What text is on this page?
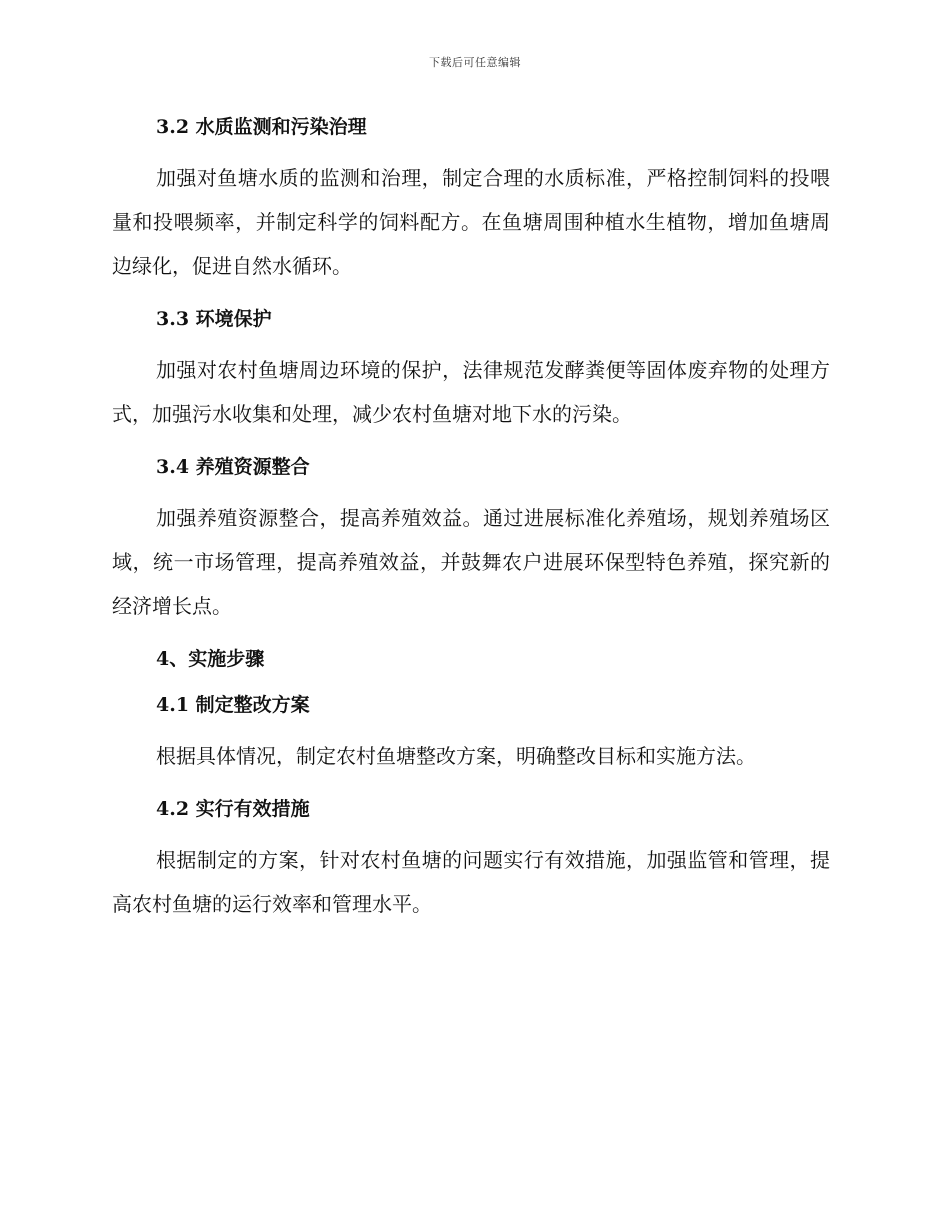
下载后可任意编辑
3.2 水质监测和污染治理

加强对鱼塘水质的监测和治理，制定合理的水质标准，严格控制饲料的投喂量和投喂频率，并制定科学的饲料配方。在鱼塘周围种植水生植物，增加鱼塘周边绿化，促进自然水循环。

3.3 环境保护

加强对农村鱼塘周边环境的保护，法律规范发酵粪便等固体废弃物的处理方式，加强污水收集和处理，减少农村鱼塘对地下水的污染。

3.4 养殖资源整合

加强养殖资源整合，提高养殖效益。通过进展标准化养殖场，规划养殖场区域，统一市场管理，提高养殖效益，并鼓舞农户进展环保型特色养殖，探究新的经济增长点。

4、实施步骤
4.1 制定整改方案

根据具体情况，制定农村鱼塘整改方案，明确整改目标和实施方法。

4.2 实行有效措施

根据制定的方案，针对农村鱼塘的问题实行有效措施，加强监管和管理，提高农村鱼塘的运行效率和管理水平。
